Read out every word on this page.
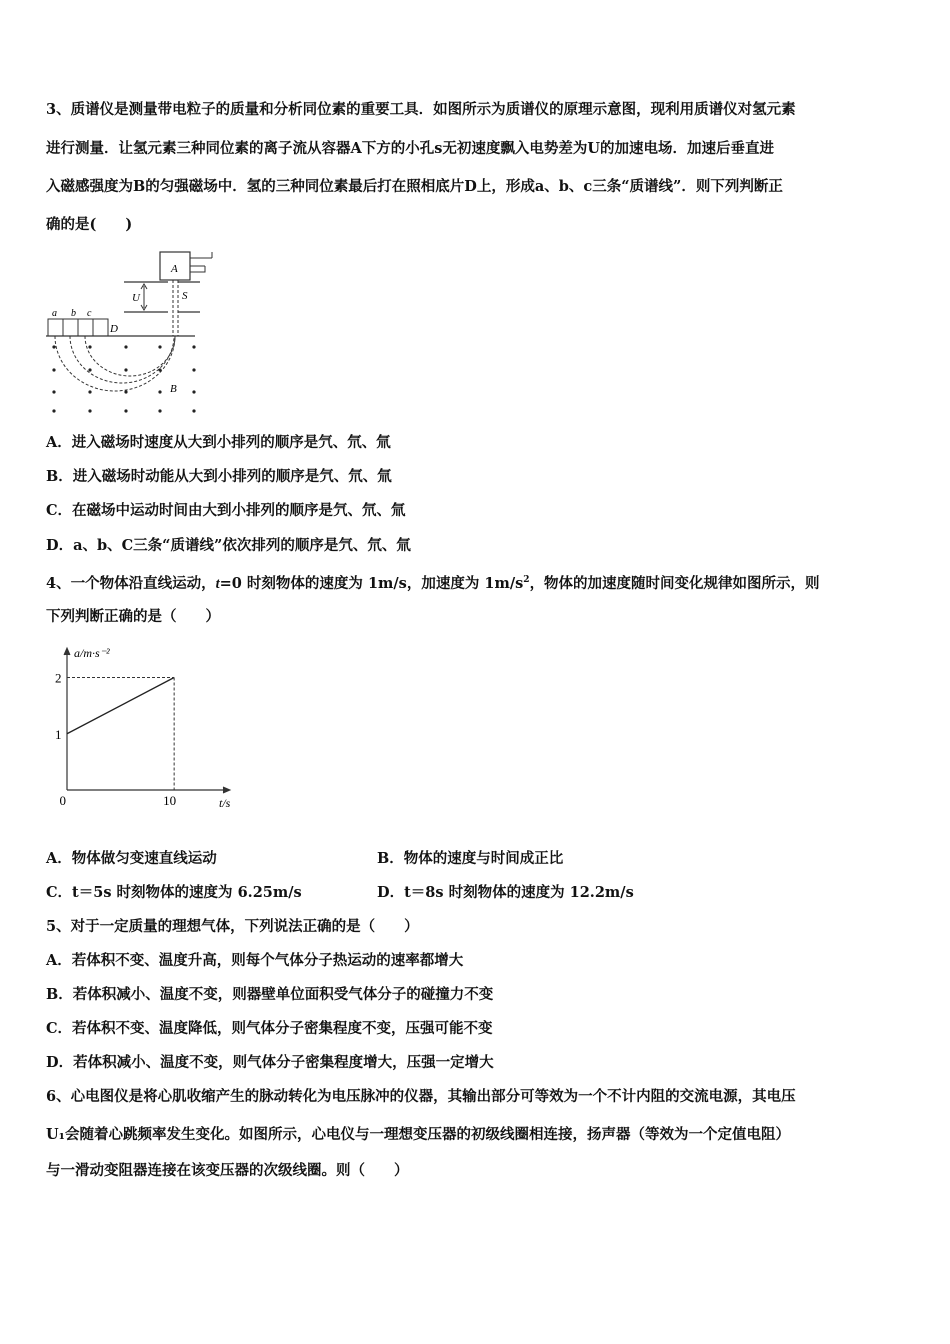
3、质谱仪是测量带电粒子的质量和分析同位素的重要工具．如图所示为质谱仪的原理示意图，现利用质谱仪对氢元素
进行测量．让氢元素三种同位素的离子流从容器A下方的小孔s无初速度飘入电势差为U的加速电场．加速后垂直进
入磁感强度为B的匀强磁场中．氢的三种同位素最后打在照相底片D上，形成a、b、c三条“质谱线”．则下列判断正
确的是(　　)
A
U	S
a b c
D
B
A．进入磁场时速度从大到小排列的顺序是氕、氘、氚
B．进入磁场时动能从大到小排列的顺序是氕、氘、氚
C．在磁场中运动时间由大到小排列的顺序是氕、氘、氚
D．a、b、C三条“质谱线”依次排列的顺序是氕、氘、氚
4、一个物体沿直线运动，t=0 时刻物体的速度为 1m/s，加速度为 $1m/s^2$，物体的加速度随时间变化规律如图所示，则
下列判断正确的是（　　）
1
2
0	10
a/m·s⁻²
t/s
A．物体做匀变速直线运动	B．物体的速度与时间成正比
C．t＝5s 时刻物体的速度为 6.25m/s	D．t＝8s 时刻物体的速度为 12.2m/s
5、对于一定质量的理想气体，下列说法正确的是（　　）
A．若体积不变、温度升高，则每个气体分子热运动的速率都增大
B．若体积减小、温度不变，则器壁单位面积受气体分子的碰撞力不变
C．若体积不变、温度降低，则气体分子密集程度不变，压强可能不变
D．若体积减小、温度不变，则气体分子密集程度增大，压强一定增大
6、心电图仪是将心肌收缩产生的脉动转化为电压脉冲的仪器，其输出部分可等效为一个不计内阻的交流电源，其电压
U₁会随着心跳频率发生变化。如图所示，心电仪与一理想变压器的初级线圈相连接，扬声器（等效为一个定值电阻）
与一滑动变阻器连接在该变压器的次级线圈。则（　　）
